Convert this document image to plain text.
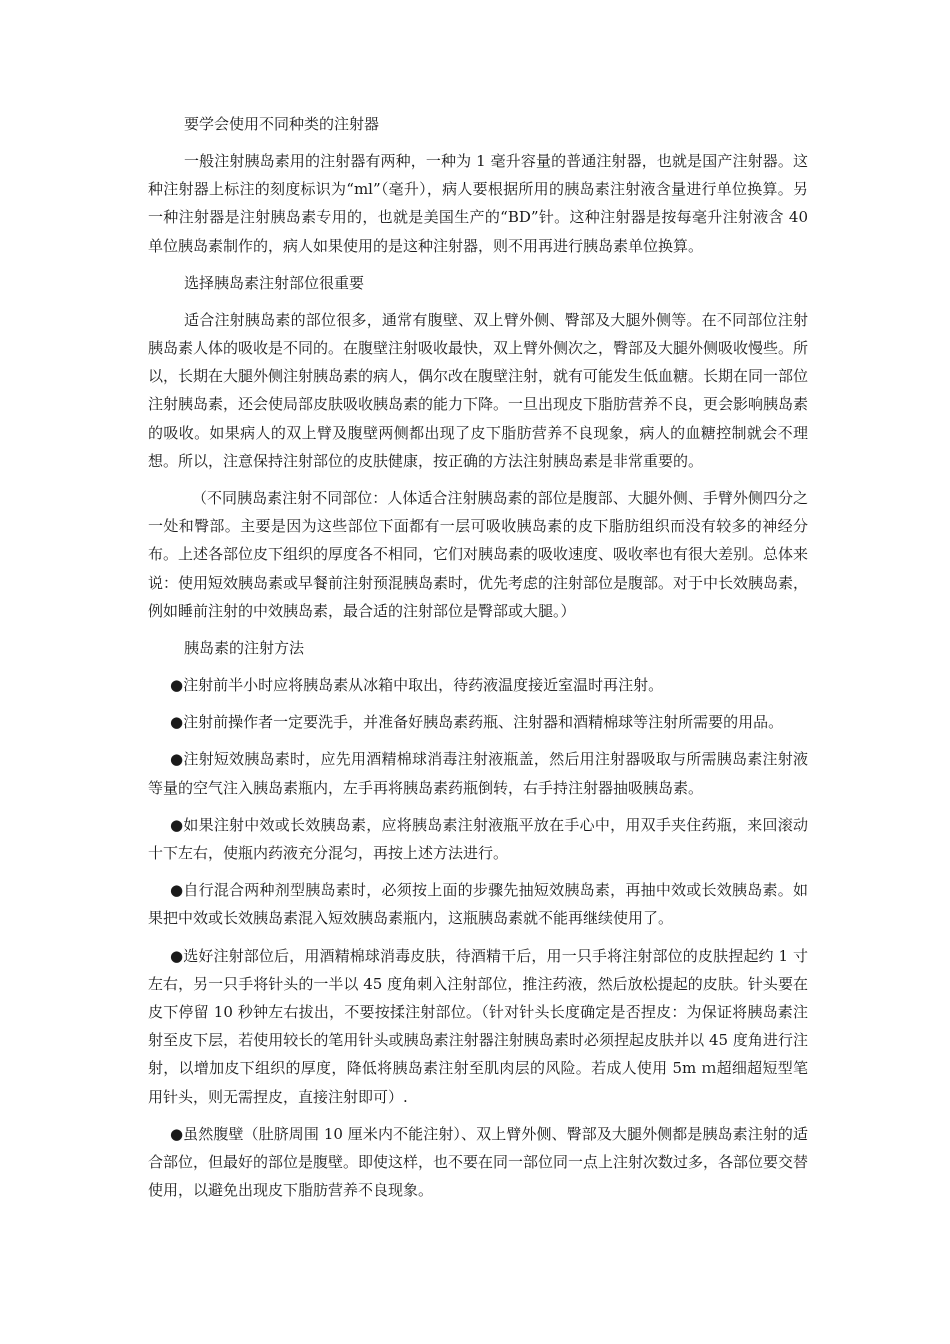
要学会使用不同种类的注射器

一般注射胰岛素用的注射器有两种，一种为 1 毫升容量的普通注射器，也就是国产注射器。这种注射器上标注的刻度标识为“ml”（毫升），病人要根据所用的胰岛素注射液含量进行单位换算。另一种注射器是注射胰岛素专用的，也就是美国生产的“BD”针。这种注射器是按每毫升注射液含 40 单位胰岛素制作的，病人如果使用的是这种注射器，则不用再进行胰岛素单位换算。

选择胰岛素注射部位很重要

适合注射胰岛素的部位很多，通常有腹壁、双上臂外侧、臀部及大腿外侧等。在不同部位注射胰岛素人体的吸收是不同的。在腹壁注射吸收最快，双上臂外侧次之，臀部及大腿外侧吸收慢些。所以，长期在大腿外侧注射胰岛素的病人，偶尔改在腹壁注射，就有可能发生低血糖。长期在同一部位注射胰岛素，还会使局部皮肤吸收胰岛素的能力下降。一旦出现皮下脂肪营养不良，更会影响胰岛素的吸收。如果病人的双上臂及腹壁两侧都出现了皮下脂肪营养不良现象，病人的血糖控制就会不理想。所以，注意保持注射部位的皮肤健康，按正确的方法注射胰岛素是非常重要的。

（不同胰岛素注射不同部位：人体适合注射胰岛素的部位是腹部、大腿外侧、手臂外侧四分之一处和臀部。主要是因为这些部位下面都有一层可吸收胰岛素的皮下脂肪组织而没有较多的神经分布。上述各部位皮下组织的厚度各不相同，它们对胰岛素的吸收速度、吸收率也有很大差别。总体来说：使用短效胰岛素或早餐前注射预混胰岛素时，优先考虑的注射部位是腹部。对于中长效胰岛素，例如睡前注射的中效胰岛素，最合适的注射部位是臀部或大腿。）

胰岛素的注射方法

●注射前半小时应将胰岛素从冰箱中取出，待药液温度接近室温时再注射。

●注射前操作者一定要洗手，并准备好胰岛素药瓶、注射器和酒精棉球等注射所需要的用品。

●注射短效胰岛素时，应先用酒精棉球消毒注射液瓶盖，然后用注射器吸取与所需胰岛素注射液等量的空气注入胰岛素瓶内，左手再将胰岛素药瓶倒转，右手持注射器抽吸胰岛素。

●如果注射中效或长效胰岛素，应将胰岛素注射液瓶平放在手心中，用双手夹住药瓶，来回滚动十下左右，使瓶内药液充分混匀，再按上述方法进行。

●自行混合两种剂型胰岛素时，必须按上面的步骤先抽短效胰岛素，再抽中效或长效胰岛素。如果把中效或长效胰岛素混入短效胰岛素瓶内，这瓶胰岛素就不能再继续使用了。

●选好注射部位后，用酒精棉球消毒皮肤，待酒精干后，用一只手将注射部位的皮肤捏起约 1 寸左右，另一只手将针头的一半以 45 度角刺入注射部位，推注药液，然后放松提起的皮肤。针头要在皮下停留 10 秒钟左右拔出，不要按揉注射部位。（针对针头长度确定是否捏皮：为保证将胰岛素注射至皮下层，若使用较长的笔用针头或胰岛素注射器注射胰岛素时必须捏起皮肤并以 45 度角进行注射，以增加皮下组织的厚度，降低将胰岛素注射至肌肉层的风险。若成人使用 5m ｍ超细超短型笔用针头，则无需捏皮，直接注射即可）.

●虽然腹壁（肚脐周围 10 厘米内不能注射）、双上臂外侧、臀部及大腿外侧都是胰岛素注射的适合部位，但最好的部位是腹壁。即使这样，也不要在同一部位同一点上注射次数过多，各部位要交替使用，以避免出现皮下脂肪营养不良现象。
